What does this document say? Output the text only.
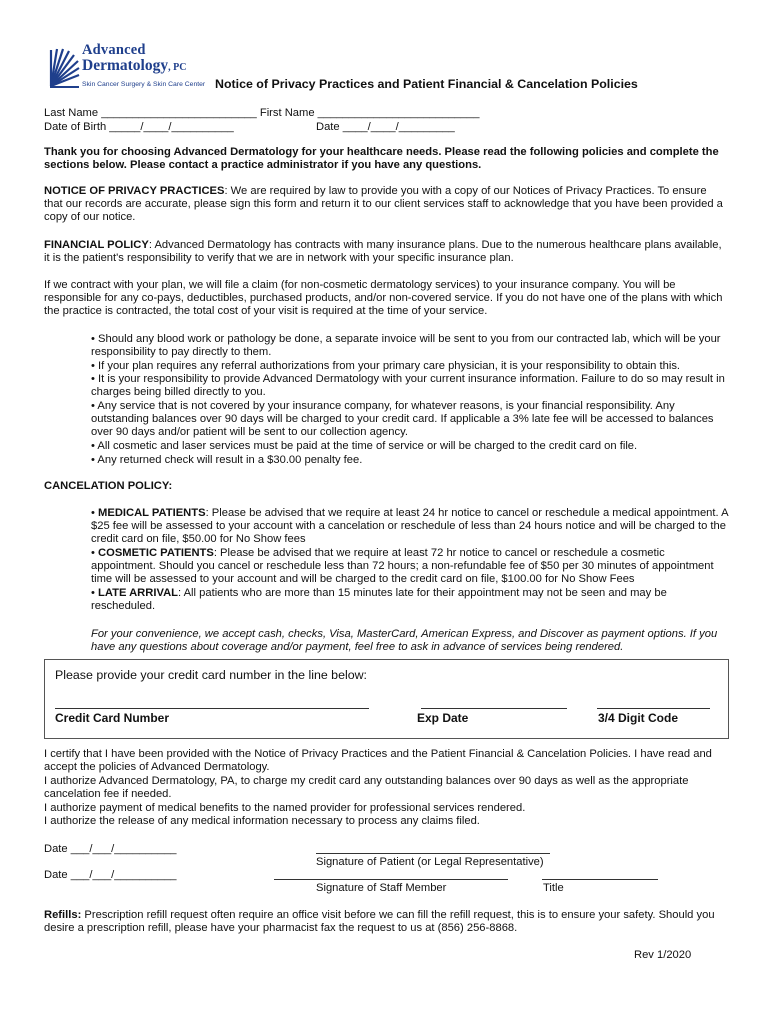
Advanced
Dermatology, PC
Skin Cancer Surgery & Skin Care Center Notice of Privacy Practices and Patient Financial & Cancelation Policies
Last Name _________________________ First Name __________________________
Date of Birth _____/____/__________	Date ____/____/_________

Thank you for choosing Advanced Dermatology for your healthcare needs. Please read the following policies and complete the sections below. Please contact a practice administrator if you have any questions.

NOTICE OF PRIVACY PRACTICES: We are required by law to provide you with a copy of our Notices of Privacy Practices. To ensure that our records are accurate, please sign this form and return it to our client services staff to acknowledge that you have been provided a copy of our notice.

FINANCIAL POLICY: Advanced Dermatology has contracts with many insurance plans. Due to the numerous healthcare plans available, it is the patient's responsibility to verify that we are in network with your specific insurance plan.

If we contract with your plan, we will file a claim (for non-cosmetic dermatology services) to your insurance company. You will be responsible for any co-pays, deductibles, purchased products, and/or non-covered service. If you do not have one of the plans with which the practice is contracted, the total cost of your visit is required at the time of your service.

• Should any blood work or pathology be done, a separate invoice will be sent to you from our contracted lab, which will be your responsibility to pay directly to them.

• If your plan requires any referral authorizations from your primary care physician, it is your responsibility to obtain this.

• It is your responsibility to provide Advanced Dermatology with your current insurance information. Failure to do so may result in charges being billed directly to you.

• Any service that is not covered by your insurance company, for whatever reasons, is your financial responsibility. Any outstanding balances over 90 days will be charged to your credit card. If applicable a 3% late fee will be accessed to balances over 90 days and/or patient will be sent to our collection agency.

• All cosmetic and laser services must be paid at the time of service or will be charged to the credit card on file.

• Any returned check will result in a $30.00 penalty fee.

CANCELATION POLICY:

• MEDICAL PATIENTS: Please be advised that we require at least 24 hr notice to cancel or reschedule a medical appointment. A $25 fee will be assessed to your account with a cancelation or reschedule of less than 24 hours notice and will be charged to the credit card on file, $50.00 for No Show fees

• COSMETIC PATIENTS: Please be advised that we require at least 72 hr notice to cancel or reschedule a cosmetic appointment. Should you cancel or reschedule less than 72 hours; a non-refundable fee of $50 per 30 minutes of appointment time will be assessed to your account and will be charged to the credit card on file, $100.00 for No Show Fees

• LATE ARRIVAL: All patients who are more than 15 minutes late for their appointment may not be seen and may be rescheduled.

For your convenience, we accept cash, checks, Visa, MasterCard, American Express, and Discover as payment options. If you have any questions about coverage and/or payment, feel free to ask in advance of services being rendered.

Please provide your credit card number in the line below:
Credit Card Number	Exp Date	3/4 Digit Code

I certify that I have been provided with the Notice of Privacy Practices and the Patient Financial & Cancelation Policies. I have read and accept the policies of Advanced Dermatology.

I authorize Advanced Dermatology, PA, to charge my credit card any outstanding balances over 90 days as well as the appropriate cancelation fee if needed.

I authorize payment of medical benefits to the named provider for professional services rendered.

I authorize the release of any medical information necessary to process any claims filed.

Date ___/___/__________
Signature of Patient (or Legal Representative)
Date ___/___/__________
Signature of Staff Member	Title

Refills: Prescription refill request often require an office visit before we can fill the refill request, this is to ensure your safety. Should you desire a prescription refill, please have your pharmacist fax the request to us at (856) 256-8868.

Rev 1/2020
